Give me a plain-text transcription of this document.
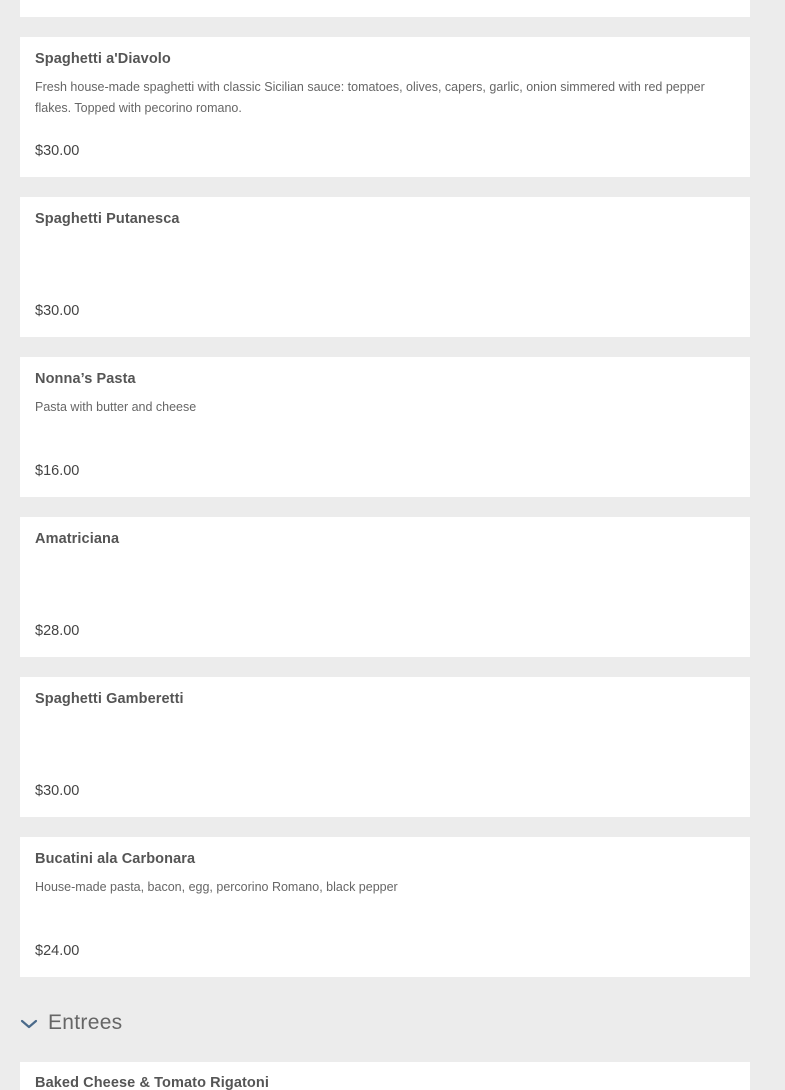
Spaghetti a'Diavolo
Fresh house-made spaghetti with classic Sicilian sauce: tomatoes, olives, capers, garlic, onion simmered with red pepper flakes. Topped with pecorino romano.
$30.00
Spaghetti Putanesca
$30.00
Nonna’s Pasta
Pasta with butter and cheese
$16.00
Amatriciana
$28.00
Spaghetti Gamberetti
$30.00
Bucatini ala Carbonara
House-made pasta, bacon, egg, percorino Romano, black pepper
$24.00
Entrees
Baked Cheese & Tomato Rigatoni
